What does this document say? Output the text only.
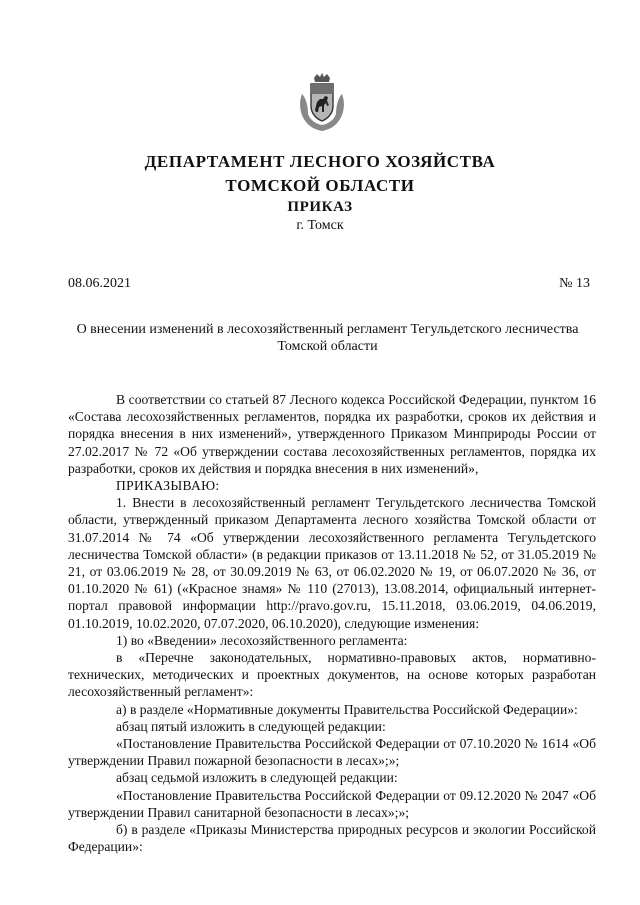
ДЕПАРТАМЕНТ ЛЕСНОГО ХОЗЯЙСТВА
ТОМСКОЙ ОБЛАСТИ
ПРИКАЗ
г. Томск
08.06.2021	№ 13
О внесении изменений в лесохозяйственный регламент Тегульдетского лесничества Томской области

В соответствии со статьей 87 Лесного кодекса Российской Федерации, пунктом 16 «Состава лесохозяйственных регламентов, порядка их разработки, сроков их действия и порядка внесения в них изменений», утвержденного Приказом Минприроды России от 27.02.2017 № 72 «Об утверждении состава лесохозяйственных регламентов, порядка их разработки, сроков их действия и порядка внесения в них изменений»,

ПРИКАЗЫВАЮ:

1. Внести в лесохозяйственный регламент Тегульдетского лесничества Томской области, утвержденный приказом Департамента лесного хозяйства Томской области от 31.07.2014 № 74 «Об утверждении лесохозяйственного регламента Тегульдетского лесничества Томской области» (в редакции приказов от 13.11.2018 № 52, от 31.05.2019 № 21, от 03.06.2019 № 28, от 30.09.2019 № 63, от 06.02.2020 № 19, от 06.07.2020 № 36, от 01.10.2020 № 61) («Красное знамя» № 110 (27013), 13.08.2014, официальный интернет-портал правовой информации http://pravo.gov.ru, 15.11.2018, 03.06.2019, 04.06.2019, 01.10.2019, 10.02.2020, 07.07.2020, 06.10.2020), следующие изменения:

1) во «Введении» лесохозяйственного регламента:

в «Перечне законодательных, нормативно-правовых актов, нормативно-технических, методических и проектных документов, на основе которых разработан лесохозяйственный регламент»:

а) в разделе «Нормативные документы Правительства Российской Федерации»:

абзац пятый изложить в следующей редакции:

«Постановление Правительства Российской Федерации от 07.10.2020 № 1614 «Об утверждении Правил пожарной безопасности в лесах»;»;

абзац седьмой изложить в следующей редакции:

«Постановление Правительства Российской Федерации от 09.12.2020 № 2047 «Об утверждении Правил санитарной безопасности в лесах»;»;

б) в разделе «Приказы Министерства природных ресурсов и экологии Российской Федерации»:
